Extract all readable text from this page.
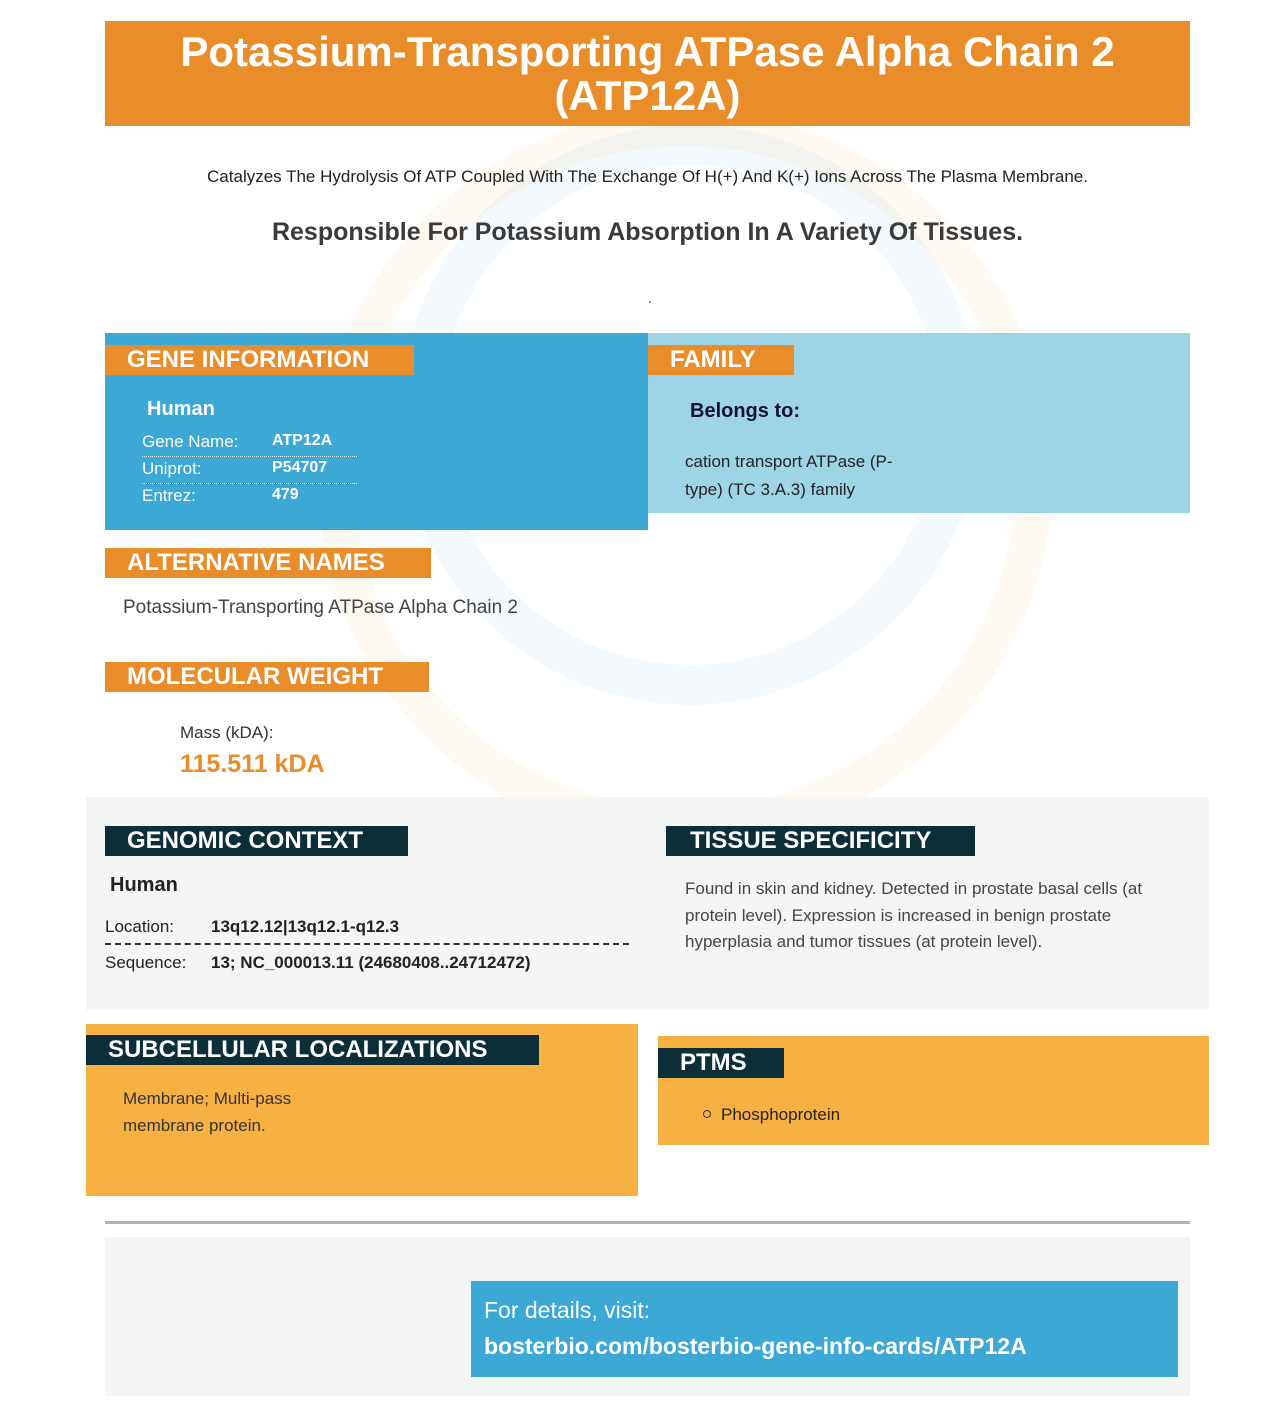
Potassium-Transporting ATPase Alpha Chain 2 (ATP12A)
Catalyzes The Hydrolysis Of ATP Coupled With The Exchange Of H(+) And K(+) Ions Across The Plasma Membrane.
Responsible For Potassium Absorption In A Variety Of Tissues.
.
GENE INFORMATION
Human
Gene Name: ATP12A
Uniprot:	P54707
Entrez:	479
FAMILY
Belongs to:
cation transport ATPase (P-type) (TC 3.A.3) family
ALTERNATIVE NAMES
Potassium-Transporting ATPase Alpha Chain 2
MOLECULAR WEIGHT
Mass (kDA):
115.511 kDA
GENOMIC CONTEXT
Human
Location: 13q12.12|13q12.1-q12.3
Sequence: 13; NC_000013.11 (24680408..24712472)
TISSUE SPECIFICITY
Found in skin and kidney. Detected in prostate basal cells (at protein level). Expression is increased in benign prostate hyperplasia and tumor tissues (at protein level).
SUBCELLULAR LOCALIZATIONS
Membrane; Multi-pass membrane protein.
PTMS
Phosphoprotein
For details, visit:
bosterbio.com/bosterbio-gene-info-cards/ATP12A
